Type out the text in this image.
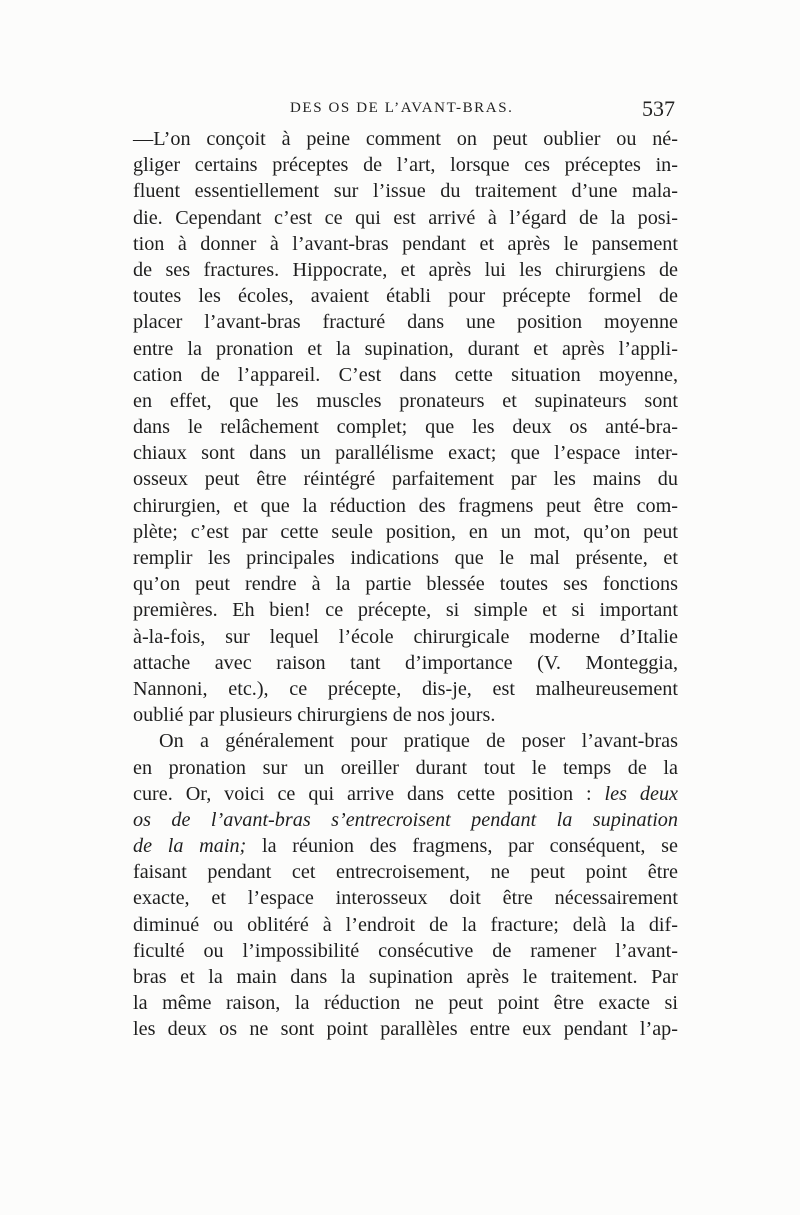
DES OS DE L’AVANT-BRAS.	537
—L’on conçoit à peine comment on peut oublier ou né-
gliger certains préceptes de l’art, lorsque ces préceptes in-
fluent essentiellement sur l’issue du traitement d’une mala-
die. Cependant c’est ce qui est arrivé à l’égard de la posi-
tion à donner à l’avant-bras pendant et après le pansement
de ses fractures. Hippocrate, et après lui les chirurgiens de
toutes les écoles, avaient établi pour précepte formel de
placer l’avant-bras fracturé dans une position moyenne
entre la pronation et la supination, durant et après l’appli-
cation de l’appareil. C’est dans cette situation moyenne,
en effet, que les muscles pronateurs et supinateurs sont
dans le relâchement complet; que les deux os anté-bra-
chiaux sont dans un parallélisme exact; que l’espace inter-
osseux peut être réintégré parfaitement par les mains du
chirurgien, et que la réduction des fragmens peut être com-
plète; c’est par cette seule position, en un mot, qu’on peut
remplir les principales indications que le mal présente, et
qu’on peut rendre à la partie blessée toutes ses fonctions
premières. Eh bien! ce précepte, si simple et si important
à-la-fois, sur lequel l’école chirurgicale moderne d’Italie
attache avec raison tant d’importance (V. Monteggia,
Nannoni, etc.), ce précepte, dis-je, est malheureusement
oublié par plusieurs chirurgiens de nos jours.
On a généralement pour pratique de poser l’avant-bras
en pronation sur un oreiller durant tout le temps de la
cure. Or, voici ce qui arrive dans cette position : les deux
os de l’avant-bras s’entrecroisent pendant la supination
de la main; la réunion des fragmens, par conséquent, se
faisant pendant cet entrecroisement, ne peut point être
exacte, et l’espace interosseux doit être nécessairement
diminué ou oblitéré à l’endroit de la fracture; delà la dif-
ficulté ou l’impossibilité consécutive de ramener l’avant-
bras et la main dans la supination après le traitement. Par
la même raison, la réduction ne peut point être exacte si
les deux os ne sont point parallèles entre eux pendant l’ap-
